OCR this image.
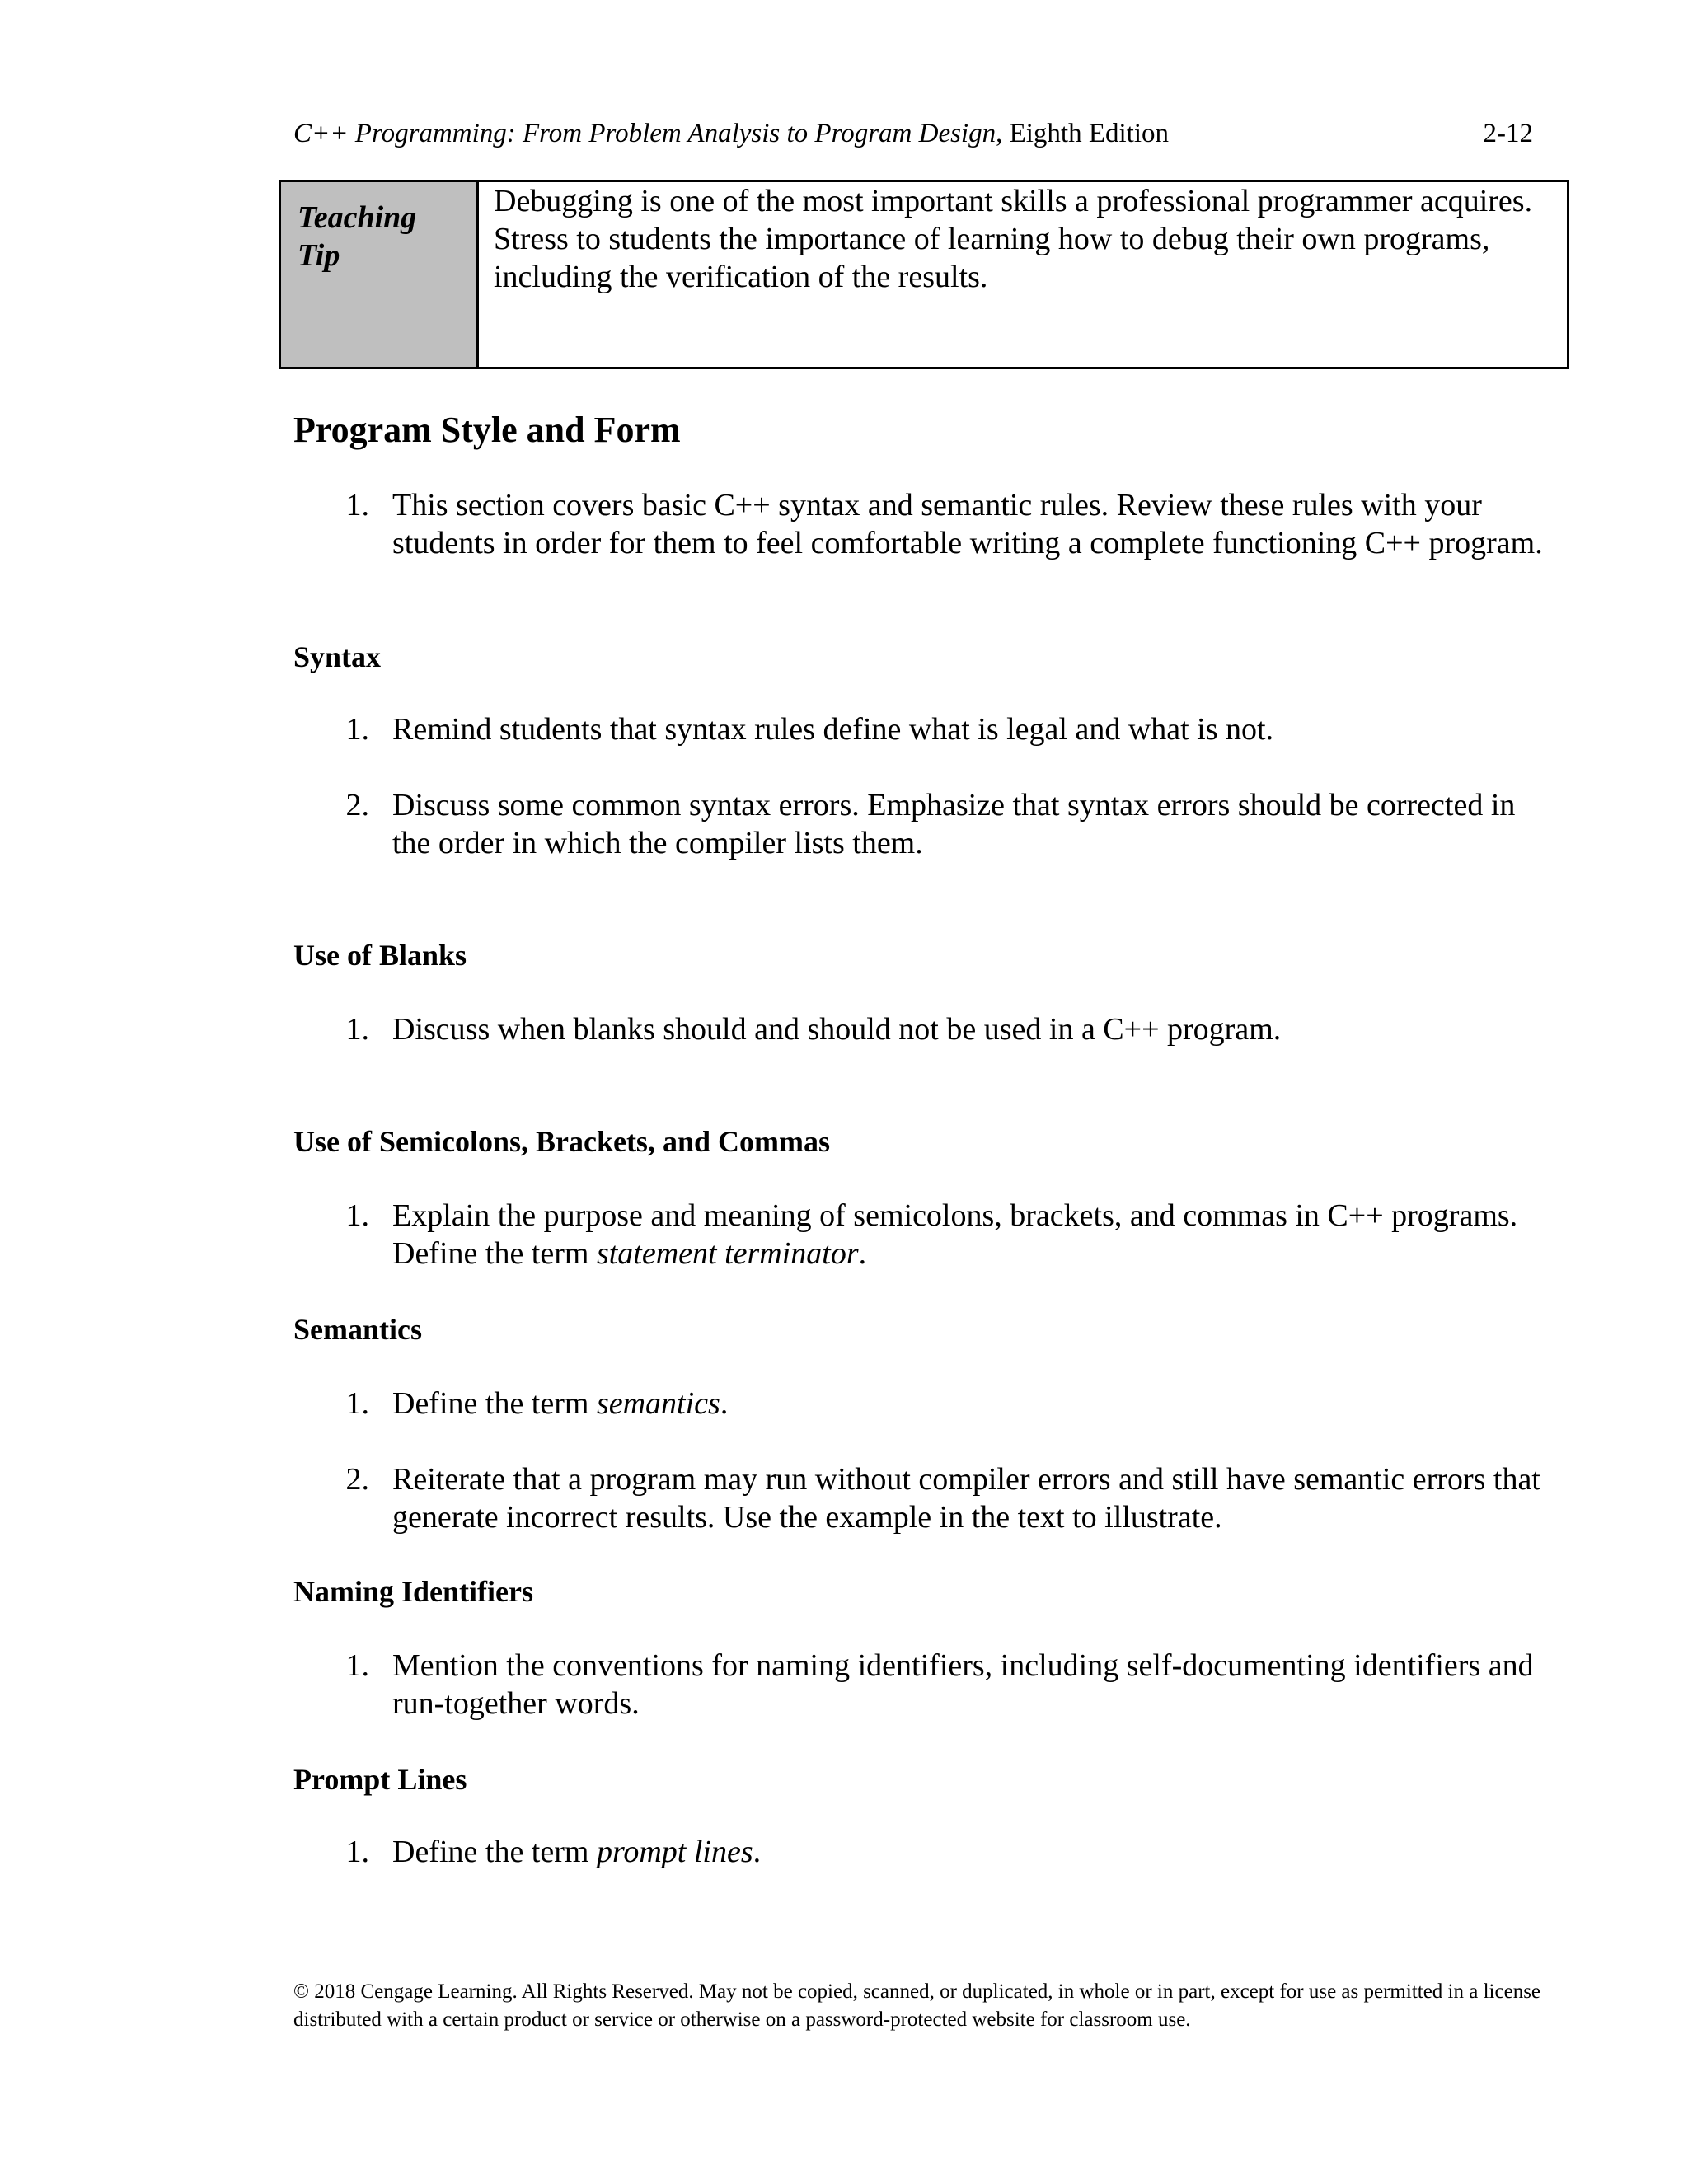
C++ Programming: From Problem Analysis to Program Design, Eighth Edition	2-12
Teaching
Tip
Debugging is one of the most important skills a professional programmer acquires. Stress to students the importance of learning how to debug their own programs, including the verification of the results.
Program Style and Form
1. This section covers basic C++ syntax and semantic rules. Review these rules with your students in order for them to feel comfortable writing a complete functioning C++ program.
Syntax
1. Remind students that syntax rules define what is legal and what is not.
2. Discuss some common syntax errors. Emphasize that syntax errors should be corrected in the order in which the compiler lists them.
Use of Blanks
1. Discuss when blanks should and should not be used in a C++ program.
Use of Semicolons, Brackets, and Commas
1. Explain the purpose and meaning of semicolons, brackets, and commas in C++ programs. Define the term statement terminator.
Semantics
1. Define the term semantics.
2. Reiterate that a program may run without compiler errors and still have semantic errors that generate incorrect results. Use the example in the text to illustrate.
Naming Identifiers
1. Mention the conventions for naming identifiers, including self-documenting identifiers and run-together words.
Prompt Lines
1. Define the term prompt lines.
© 2018 Cengage Learning. All Rights Reserved. May not be copied, scanned, or duplicated, in whole or in part, except for use as permitted in a license distributed with a certain product or service or otherwise on a password-protected website for classroom use.
